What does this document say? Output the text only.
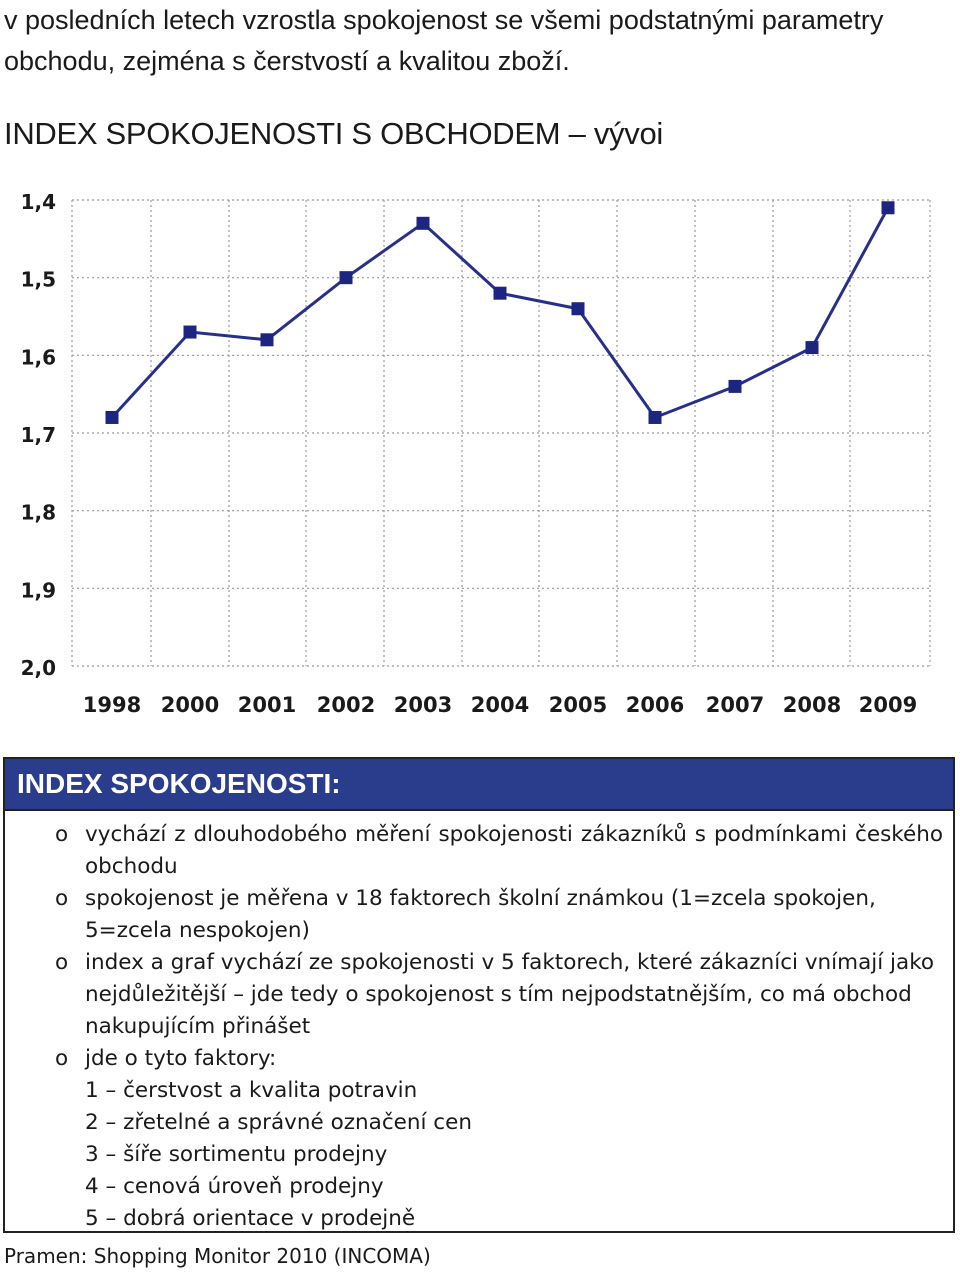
v posledních letech vzrostla spokojenost se všemi podstatnými parametry obchodu, zejména s čerstvostí a kvalitou zboží.
INDEX SPOKOJENOSTI S OBCHODEM – vývoi
1,4
1,5
1,6
1,7
1,8
1,9
2,0
1998 2000 2001 2002 2003 2004 2005 2006 2007 2008 2009
INDEX SPOKOJENOSTI:
o vychází z dlouhodobého měření spokojenosti zákazníků s podmínkami českého obchodu
o spokojenost je měřena v 18 faktorech školní známkou (1=zcela spokojen, 5=zcela nespokojen)
o index a graf vychází ze spokojenosti v 5 faktorech, které zákazníci vnímají jako nejdůležitější – jde tedy o spokojenost s tím nejpodstatnějším, co má obchod nakupujícím přinášet
o jde o tyto faktory:
1 – čerstvost a kvalita potravin
2 – zřetelné a správné označení cen
3 – šíře sortimentu prodejny
4 – cenová úroveň prodejny
5 – dobrá orientace v prodejně
Pramen: Shopping Monitor 2010 (INCOMA)
